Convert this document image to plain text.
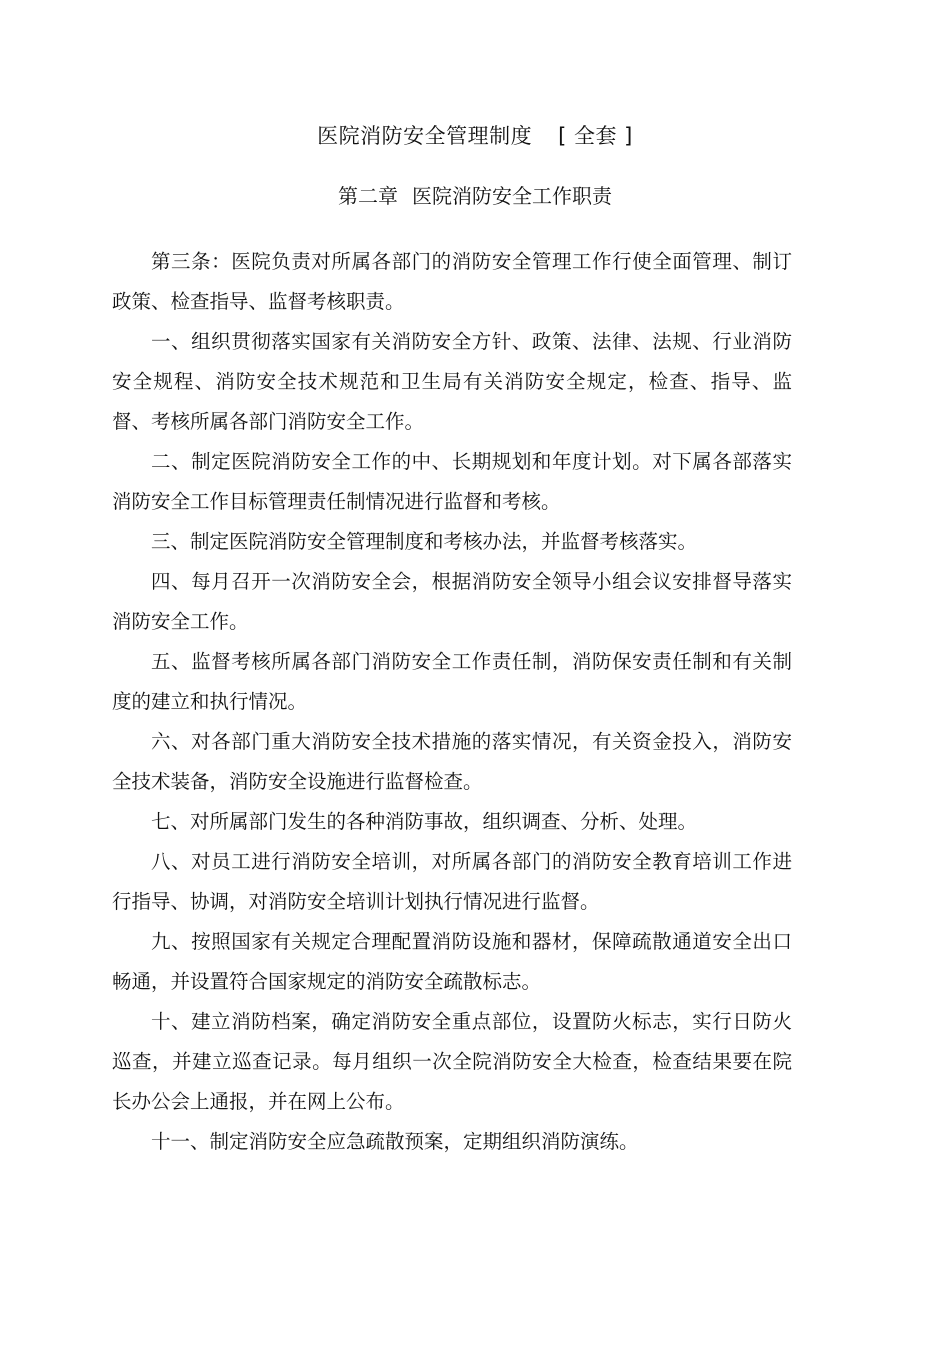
医院消防安全管理制度 [ 全套 ]
第二章 医院消防安全工作职责

第三条：医院负责对所属各部门的消防安全管理工作行使全面管理、制订政策、检查指导、监督考核职责。

一、组织贯彻落实国家有关消防安全方针、政策、法律、法规、行业消防安全规程、消防安全技术规范和卫生局有关消防安全规定，检查、指导、监督、考核所属各部门消防安全工作。

二、制定医院消防安全工作的中、长期规划和年度计划。对下属各部落实消防安全工作目标管理责任制情况进行监督和考核。

三、制定医院消防安全管理制度和考核办法，并监督考核落实。

四、每月召开一次消防安全会，根据消防安全领导小组会议安排督导落实消防安全工作。

五、监督考核所属各部门消防安全工作责任制，消防保安责任制和有关制度的建立和执行情况。

六、对各部门重大消防安全技术措施的落实情况，有关资金投入，消防安全技术装备，消防安全设施进行监督检查。

七、对所属部门发生的各种消防事故，组织调查、分析、处理。

八、对员工进行消防安全培训，对所属各部门的消防安全教育培训工作进行指导、协调，对消防安全培训计划执行情况进行监督。

九、按照国家有关规定合理配置消防设施和器材，保障疏散通道安全出口畅通，并设置符合国家规定的消防安全疏散标志。

十、建立消防档案，确定消防安全重点部位，设置防火标志，实行日防火巡查，并建立巡查记录。每月组织一次全院消防安全大检查，检查结果要在院长办公会上通报，并在网上公布。

十一、制定消防安全应急疏散预案，定期组织消防演练。
